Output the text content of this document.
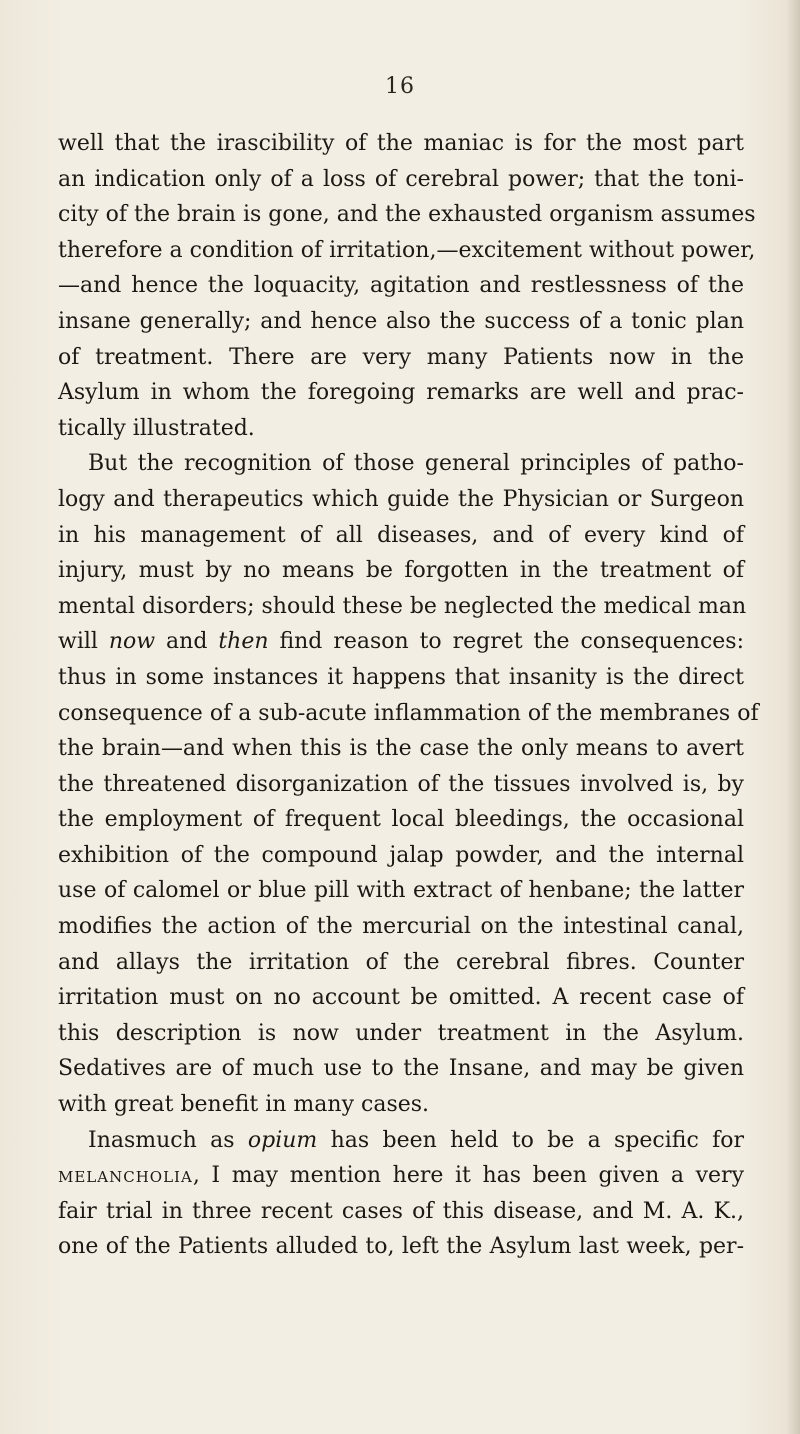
16
well that the irascibility of the maniac is for the most part
an indication only of a loss of cerebral power; that the toni-
city of the brain is gone, and the exhausted organism assumes
therefore a condition of irritation,—excitement without power,
—and hence the loquacity, agitation and restlessness of the
insane generally; and hence also the success of a tonic plan
of treatment. There are very many Patients now in the
Asylum in whom the foregoing remarks are well and prac-
tically illustrated.
But the recognition of those general principles of patho-
logy and therapeutics which guide the Physician or Surgeon
in his management of all diseases, and of every kind of
injury, must by no means be forgotten in the treatment of
mental disorders; should these be neglected the medical man
will now and then find reason to regret the consequences:
thus in some instances it happens that insanity is the direct
consequence of a sub-acute inflammation of the membranes of
the brain—and when this is the case the only means to avert
the threatened disorganization of the tissues involved is, by
the employment of frequent local bleedings, the occasional
exhibition of the compound jalap powder, and the internal
use of calomel or blue pill with extract of henbane; the latter
modifies the action of the mercurial on the intestinal canal,
and allays the irritation of the cerebral fibres. Counter
irritation must on no account be omitted. A recent case of
this description is now under treatment in the Asylum.
Sedatives are of much use to the Insane, and may be given
with great benefit in many cases.
Inasmuch as opium has been held to be a specific for
melancholia, I may mention here it has been given a very
fair trial in three recent cases of this disease, and M. A. K.,
one of the Patients alluded to, left the Asylum last week, per-
